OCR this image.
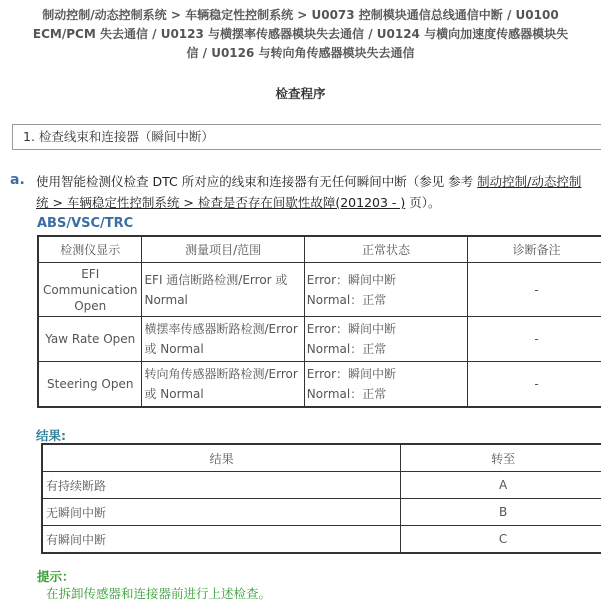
制动控制/动态控制系统 > 车辆稳定性控制系统 > U0073 控制模块通信总线通信中断 / U0100
ECM/PCM 失去通信 / U0123 与横摆率传感器模块失去通信 / U0124 与横向加速度传感器模块失
信 / U0126 与转向角传感器模块失去通信
检查程序
1. 检查线束和连接器（瞬间中断）
a. 使用智能检测仪检查 DTC 所对应的线束和连接器有无任何瞬间中断（参见 参考 制动控制/动态控制
统 > 车辆稳定性控制系统 > 检查是否存在间歇性故障(201203 - ) 页）。
ABS/VSC/TRC
检测仪显示	测量项目/范围	正常状态	诊断备注
EFI Communication Open	EFI 通信断路检测/Error 或 Normal	Error：瞬间中断
Normal：正常	-
Yaw Rate Open	横摆率传感器断路检测/Error 或 Normal	Error：瞬间中断
Normal：正常	-
Steering Open	转向角传感器断路检测/Error 或 Normal	Error：瞬间中断
Normal：正常	-
结果:
结果	转至
有持续断路	A
无瞬间中断	B
有瞬间中断	C
提示：
在拆卸传感器和连接器前进行上述检查。
